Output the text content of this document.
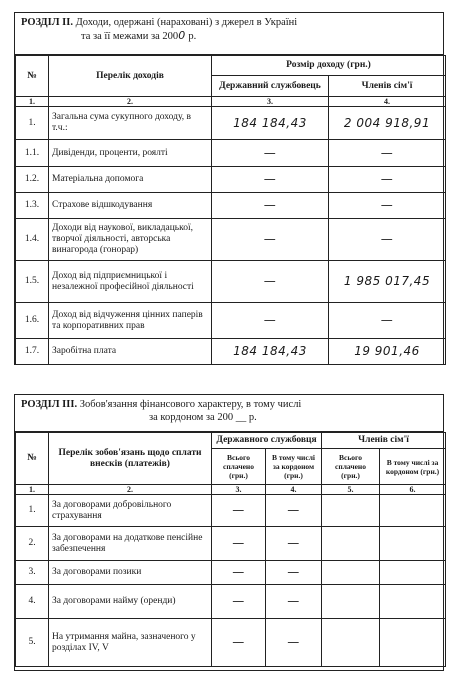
РОЗДІЛ ІІ. Доходи, одержані (нараховані) з джерел в Україні
та за її межами за 2000 р.
№	Перелік доходів	Розмір доходу (грн.)	
		Державний службовець	Членів сім'ї
1.	2.	3.	4.
1.	Загальна сума сукупного доходу, в т.ч.:	184 184,43	2 004 918,91
1.1.	Дивіденди, проценти, роялті	—	—
1.2.	Матеріальна допомога	—	—
1.3.	Страхове відшкодування	—	—
1.4.	Доходи від наукової, викладацької, творчої діяльності, авторська винагорода (гонорар)	—	—
1.5.	Доход від підприємницької і незалежної професійної діяльності	—	1 985 017,45
1.6.	Доход від відчуження цінних паперів та корпоративних прав	—	—
1.7.	Заробітна плата	184 184,43	19 901,46
РОЗДІЛ ІІІ. Зобов'язання фінансового характеру, в тому числі
за кордоном за 200 __ р.
№	Перелік зобов'язань щодо сплати внесків (платежів)	Державного службовця		Членів сім'ї	
		Всього сплачено (грн.)	В тому числі за кордоном (грн.)	Всього сплачено (грн.)	В тому числі за кордоном (грн.)
1.	2.	3.	4.	5.	6.
1.	За договорами добровільного страхування	—	—		
2.	За договорами на додаткове пенсійне забезпечення	—	—		
3.	За договорами позики	—	—		
4.	За договорами найму (оренди)	—	—		
5.	На утримання майна, зазначеного у розділах IV, V	—	—		
